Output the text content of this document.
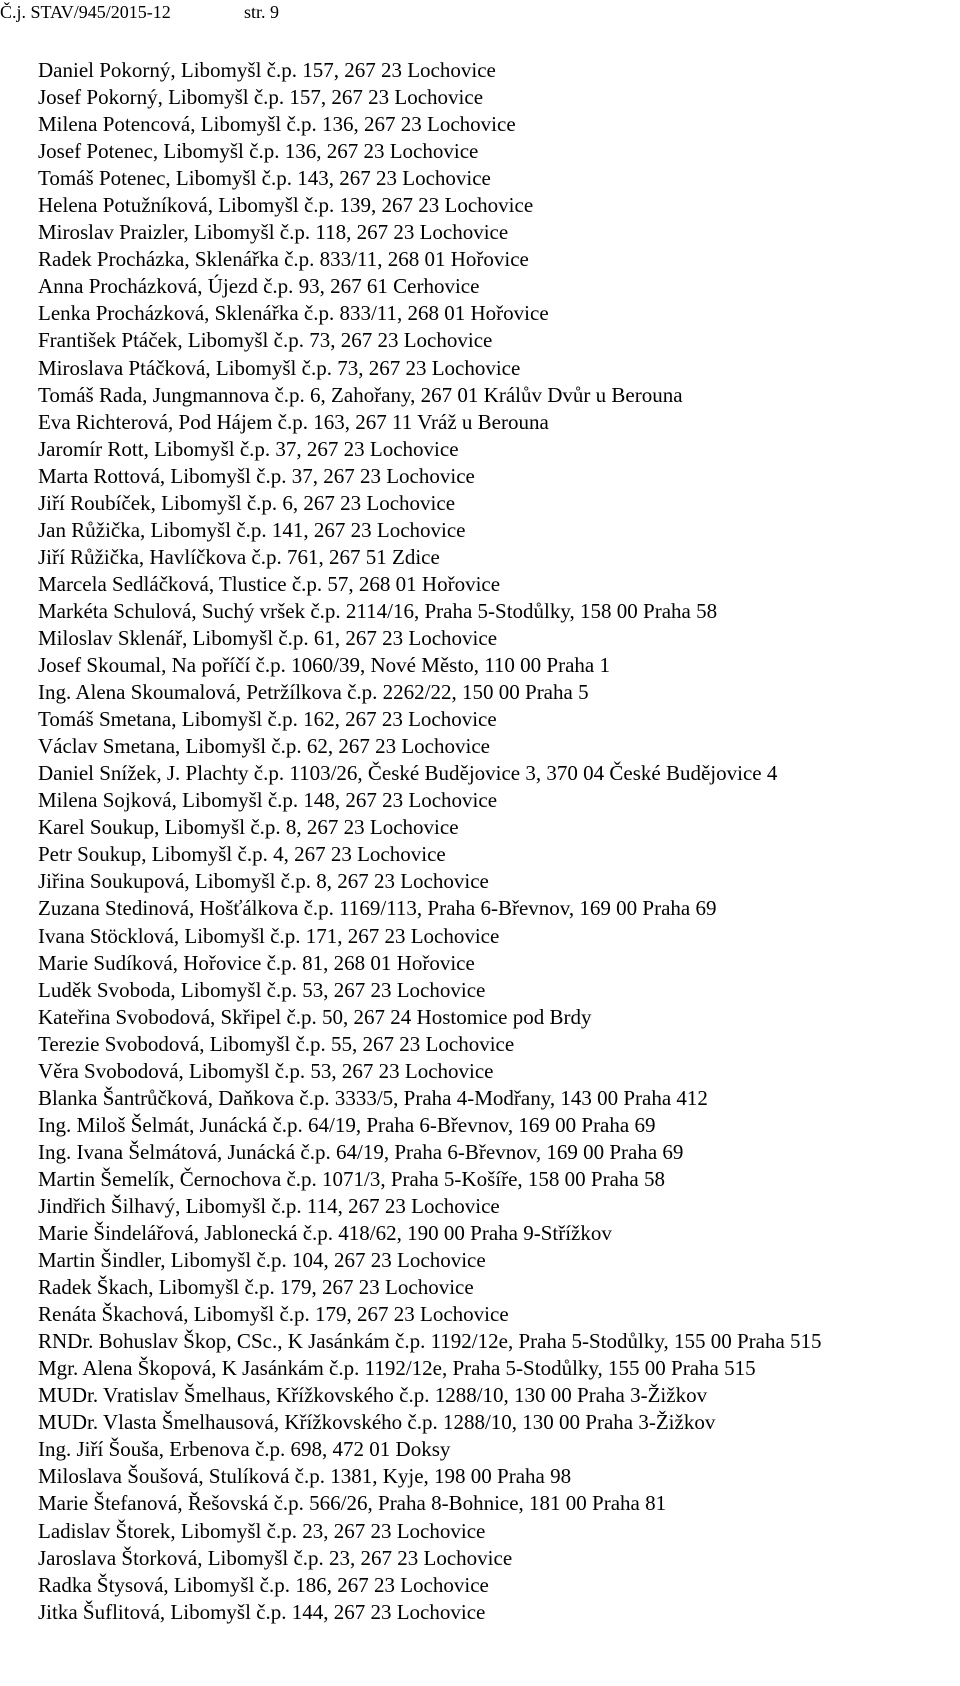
Č.j. STAV/945/2015-12	str. 9
Daniel Pokorný, Libomyšl č.p. 157, 267 23 Lochovice
Josef Pokorný, Libomyšl č.p. 157, 267 23 Lochovice
Milena Potencová, Libomyšl č.p. 136, 267 23 Lochovice
Josef Potenec, Libomyšl č.p. 136, 267 23 Lochovice
Tomáš Potenec, Libomyšl č.p. 143, 267 23 Lochovice
Helena Potužníková, Libomyšl č.p. 139, 267 23 Lochovice
Miroslav Praizler, Libomyšl č.p. 118, 267 23 Lochovice
Radek Procházka, Sklenářka č.p. 833/11, 268 01 Hořovice
Anna Procházková, Újezd č.p. 93, 267 61 Cerhovice
Lenka Procházková, Sklenářka č.p. 833/11, 268 01 Hořovice
František Ptáček, Libomyšl č.p. 73, 267 23 Lochovice
Miroslava Ptáčková, Libomyšl č.p. 73, 267 23 Lochovice
Tomáš Rada, Jungmannova č.p. 6, Zahořany, 267 01 Králův Dvůr u Berouna
Eva Richterová, Pod Hájem č.p. 163, 267 11 Vráž u Berouna
Jaromír Rott, Libomyšl č.p. 37, 267 23 Lochovice
Marta Rottová, Libomyšl č.p. 37, 267 23 Lochovice
Jiří Roubíček, Libomyšl č.p. 6, 267 23 Lochovice
Jan Růžička, Libomyšl č.p. 141, 267 23 Lochovice
Jiří Růžička, Havlíčkova č.p. 761, 267 51 Zdice
Marcela Sedláčková, Tlustice č.p. 57, 268 01 Hořovice
Markéta Schulová, Suchý vršek č.p. 2114/16, Praha 5-Stodůlky, 158 00 Praha 58
Miloslav Sklenář, Libomyšl č.p. 61, 267 23 Lochovice
Josef Skoumal, Na poříčí č.p. 1060/39, Nové Město, 110 00 Praha 1
Ing. Alena Skoumalová, Petržílkova č.p. 2262/22, 150 00 Praha 5
Tomáš Smetana, Libomyšl č.p. 162, 267 23 Lochovice
Václav Smetana, Libomyšl č.p. 62, 267 23 Lochovice
Daniel Snížek, J. Plachty č.p. 1103/26, České Budějovice 3, 370 04 České Budějovice 4
Milena Sojková, Libomyšl č.p. 148, 267 23 Lochovice
Karel Soukup, Libomyšl č.p. 8, 267 23 Lochovice
Petr Soukup, Libomyšl č.p. 4, 267 23 Lochovice
Jiřina Soukupová, Libomyšl č.p. 8, 267 23 Lochovice
Zuzana Stedinová, Hošťálkova č.p. 1169/113, Praha 6-Břevnov, 169 00 Praha 69
Ivana Stöcklová, Libomyšl č.p. 171, 267 23 Lochovice
Marie Sudíková, Hořovice č.p. 81, 268 01 Hořovice
Luděk Svoboda, Libomyšl č.p. 53, 267 23 Lochovice
Kateřina Svobodová, Skřipel č.p. 50, 267 24 Hostomice pod Brdy
Terezie Svobodová, Libomyšl č.p. 55, 267 23 Lochovice
Věra Svobodová, Libomyšl č.p. 53, 267 23 Lochovice
Blanka Šantrůčková, Daňkova č.p. 3333/5, Praha 4-Modřany, 143 00 Praha 412
Ing. Miloš Šelmát, Junácká č.p. 64/19, Praha 6-Břevnov, 169 00 Praha 69
Ing. Ivana Šelmátová, Junácká č.p. 64/19, Praha 6-Břevnov, 169 00 Praha 69
Martin Šemelík, Černochova č.p. 1071/3, Praha 5-Košíře, 158 00 Praha 58
Jindřich Šilhavý, Libomyšl č.p. 114, 267 23 Lochovice
Marie Šindelářová, Jablonecká č.p. 418/62, 190 00 Praha 9-Střížkov
Martin Šindler, Libomyšl č.p. 104, 267 23 Lochovice
Radek Škach, Libomyšl č.p. 179, 267 23 Lochovice
Renáta Škachová, Libomyšl č.p. 179, 267 23 Lochovice
RNDr. Bohuslav Škop, CSc., K Jasánkám č.p. 1192/12e, Praha 5-Stodůlky, 155 00 Praha 515
Mgr. Alena Škopová, K Jasánkám č.p. 1192/12e, Praha 5-Stodůlky, 155 00 Praha 515
MUDr. Vratislav Šmelhaus, Křížkovského č.p. 1288/10, 130 00 Praha 3-Žižkov
MUDr. Vlasta Šmelhausová, Křížkovského č.p. 1288/10, 130 00 Praha 3-Žižkov
Ing. Jiří Šouša, Erbenova č.p. 698, 472 01 Doksy
Miloslava Šoušová, Stulíková č.p. 1381, Kyje, 198 00 Praha 98
Marie Štefanová, Řešovská č.p. 566/26, Praha 8-Bohnice, 181 00 Praha 81
Ladislav Štorek, Libomyšl č.p. 23, 267 23 Lochovice
Jaroslava Štorková, Libomyšl č.p. 23, 267 23 Lochovice
Radka Štysová, Libomyšl č.p. 186, 267 23 Lochovice
Jitka Šuflitová, Libomyšl č.p. 144, 267 23 Lochovice
